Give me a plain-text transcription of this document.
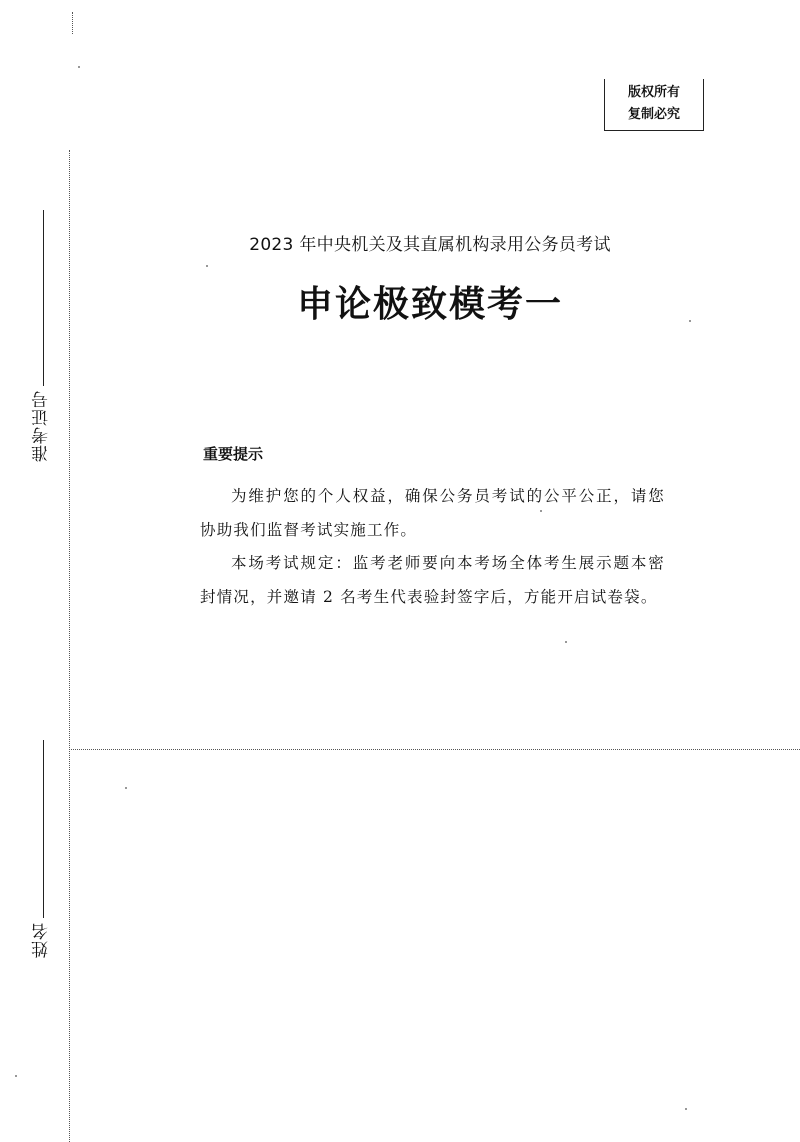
准考证号
姓名
版权所有
复制必究
2023 年中央机关及其直属机构录用公务员考试
申论极致模考一
重要提示

为维护您的个人权益，确保公务员考试的公平公正，请您协助我们监督考试实施工作。

本场考试规定：监考老师要向本考场全体考生展示题本密封情况，并邀请 2 名考生代表验封签字后，方能开启试卷袋。
